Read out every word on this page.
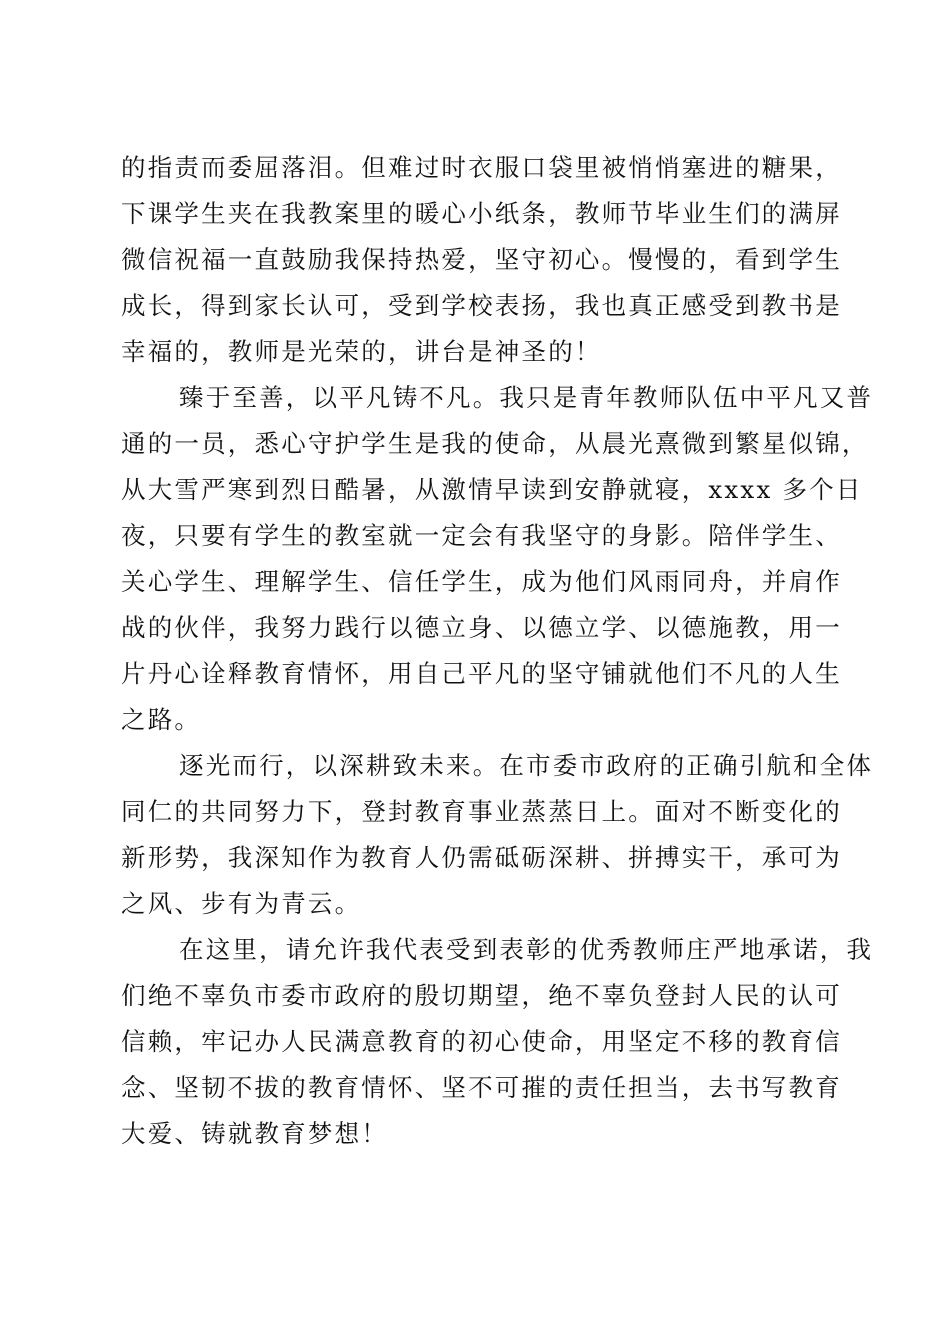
的指责而委屈落泪。但难过时衣服口袋里被悄悄塞进的糖果，
下课学生夹在我教案里的暖心小纸条，教师节毕业生们的满屏
微信祝福一直鼓励我保持热爱，坚守初心。慢慢的，看到学生
成长，得到家长认可，受到学校表扬，我也真正感受到教书是
幸福的，教师是光荣的，讲台是神圣的！
臻于至善，以平凡铸不凡。我只是青年教师队伍中平凡又普
通的一员，悉心守护学生是我的使命，从晨光熹微到繁星似锦，
从大雪严寒到烈日酷暑，从激情早读到安静就寝，xxxx 多个日
夜，只要有学生的教室就一定会有我坚守的身影。陪伴学生、
关心学生、理解学生、信任学生，成为他们风雨同舟，并肩作
战的伙伴，我努力践行以德立身、以德立学、以德施教，用一
片丹心诠释教育情怀，用自己平凡的坚守铺就他们不凡的人生
之路。
逐光而行，以深耕致未来。在市委市政府的正确引航和全体
同仁的共同努力下，登封教育事业蒸蒸日上。面对不断变化的
新形势，我深知作为教育人仍需砥砺深耕、拼搏实干，承可为
之风、步有为青云。
在这里，请允许我代表受到表彰的优秀教师庄严地承诺，我
们绝不辜负市委市政府的殷切期望，绝不辜负登封人民的认可
信赖，牢记办人民满意教育的初心使命，用坚定不移的教育信
念、坚韧不拔的教育情怀、坚不可摧的责任担当，去书写教育
大爱、铸就教育梦想！
